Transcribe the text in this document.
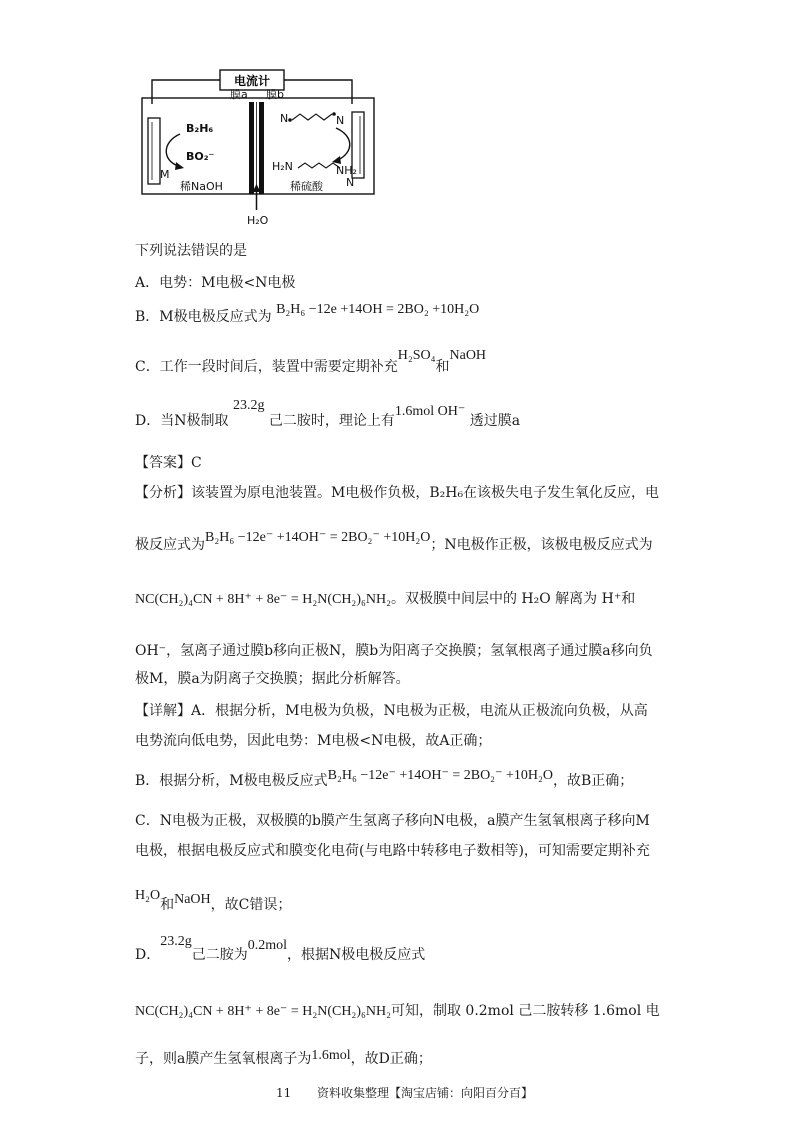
电流计
膜a 膜b
B₂H₆
BO₂⁻
M
稀NaOH
N	N
H₂N	NH₂
稀硫酸 N
H₂O
下列说法错误的是
A．电势：M电极<N电极
B．M极电极反应式为 B₂H₆ −12e +14OH = 2BO₂ +10H₂O
C．工作一段时间后，装置中需要定期补充H₂SO₄和NaOH
D．当N极制取 23.2g 己二胺时，理论上有1.6mol OH⁻ 透过膜a
【答案】C
【分析】该装置为原电池装置。M电极作负极，B₂H₆在该极失电子发生氧化反应，电
极反应式为B₂H₆ −12e⁻ +14OH⁻ = 2BO₂⁻ +10H₂O；N电极作正极，该极电极反应式为
NC(CH₂)₄CN + 8H⁺ + 8e⁻ = H₂N(CH₂)₆NH₂。双极膜中间层中的 H₂O 解离为 H⁺和
OH⁻，氢离子通过膜b移向正极N，膜b为阳离子交换膜；氢氧根离子通过膜a移向负
极M，膜a为阴离子交换膜；据此分析解答。
【详解】A．根据分析，M电极为负极，N电极为正极，电流从正极流向负极，从高
电势流向低电势，因此电势：M电极<N电极，故A正确；
B．根据分析，M极电极反应式B₂H₆ −12e⁻ +14OH⁻ = 2BO₂⁻ +10H₂O，故B正确；
C．N电极为正极，双极膜的b膜产生氢离子移向N电极，a膜产生氢氧根离子移向M
电极，根据电极反应式和膜变化电荷(与电路中转移电子数相等)，可知需要定期补充
H₂O和NaOH，故C错误；
D．23.2g己二胺为0.2mol，根据N极电极反应式
NC(CH₂)₄CN + 8H⁺ + 8e⁻ = H₂N(CH₂)₆NH₂可知，制取 0.2mol 己二胺转移 1.6mol 电
子，则a膜产生氢氧根离子为1.6mol，故D正确；
11 资料收集整理【淘宝店铺：向阳百分百】
